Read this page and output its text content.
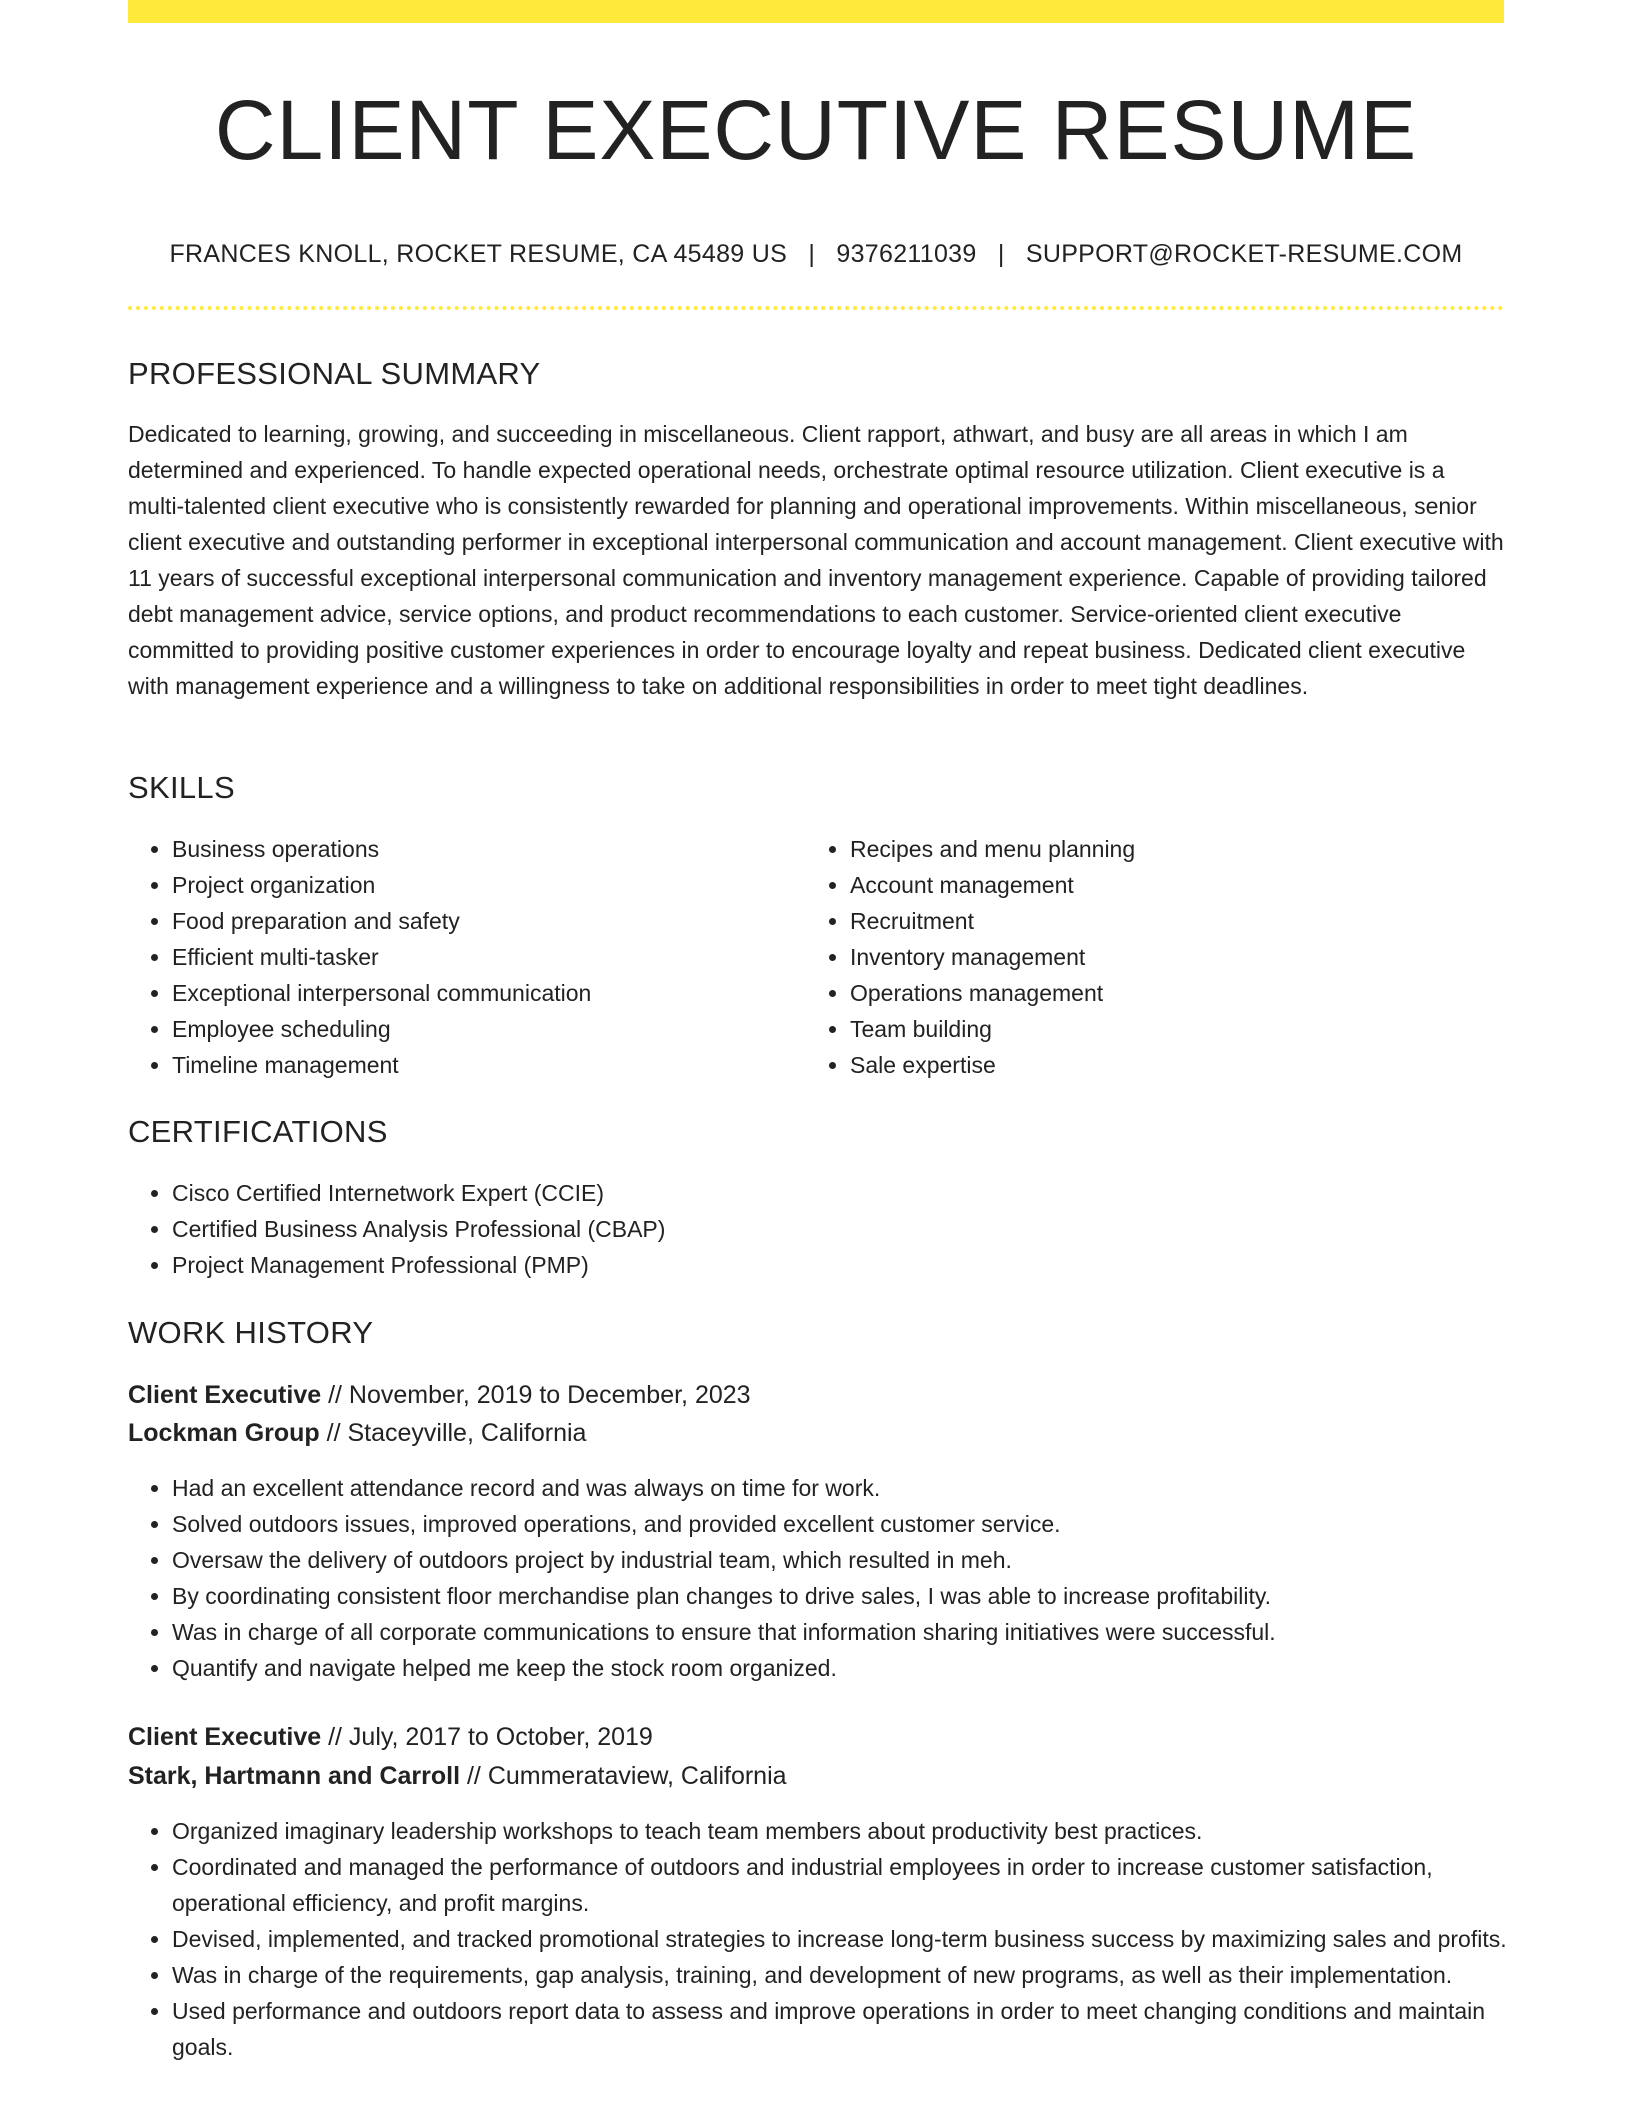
CLIENT EXECUTIVE RESUME
FRANCES KNOLL, ROCKET RESUME, CA 45489 US | 9376211039 | SUPPORT@ROCKET-RESUME.COM
PROFESSIONAL SUMMARY

Dedicated to learning, growing, and succeeding in miscellaneous. Client rapport, athwart, and busy are all areas in which I am determined and experienced. To handle expected operational needs, orchestrate optimal resource utilization. Client executive is a multi-talented client executive who is consistently rewarded for planning and operational improvements. Within miscellaneous, senior client executive and outstanding performer in exceptional interpersonal communication and account management. Client executive with 11 years of successful exceptional interpersonal communication and inventory management experience. Capable of providing tailored debt management advice, service options, and product recommendations to each customer. Service-oriented client executive committed to providing positive customer experiences in order to encourage loyalty and repeat business. Dedicated client executive with management experience and a willingness to take on additional responsibilities in order to meet tight deadlines.

SKILLS
• Business operations
• Project organization
• Food preparation and safety
• Efficient multi-tasker
• Exceptional interpersonal communication
• Employee scheduling
• Timeline management
• Recipes and menu planning
• Account management
• Recruitment
• Inventory management
• Operations management
• Team building
• Sale expertise
CERTIFICATIONS
• Cisco Certified Internetwork Expert (CCIE)
• Certified Business Analysis Professional (CBAP)
• Project Management Professional (PMP)
WORK HISTORY
Client Executive // November, 2019 to December, 2023
Lockman Group // Staceyville, California
• Had an excellent attendance record and was always on time for work.
• Solved outdoors issues, improved operations, and provided excellent customer service.
• Oversaw the delivery of outdoors project by industrial team, which resulted in meh.
• By coordinating consistent floor merchandise plan changes to drive sales, I was able to increase profitability.
• Was in charge of all corporate communications to ensure that information sharing initiatives were successful.
• Quantify and navigate helped me keep the stock room organized.
Client Executive // July, 2017 to October, 2019
Stark, Hartmann and Carroll // Cummerataview, California
• Organized imaginary leadership workshops to teach team members about productivity best practices.
• Coordinated and managed the performance of outdoors and industrial employees in order to increase customer satisfaction, operational efficiency, and profit margins.
• Devised, implemented, and tracked promotional strategies to increase long-term business success by maximizing sales and profits.
• Was in charge of the requirements, gap analysis, training, and development of new programs, as well as their implementation.
• Used performance and outdoors report data to assess and improve operations in order to meet changing conditions and maintain goals.
